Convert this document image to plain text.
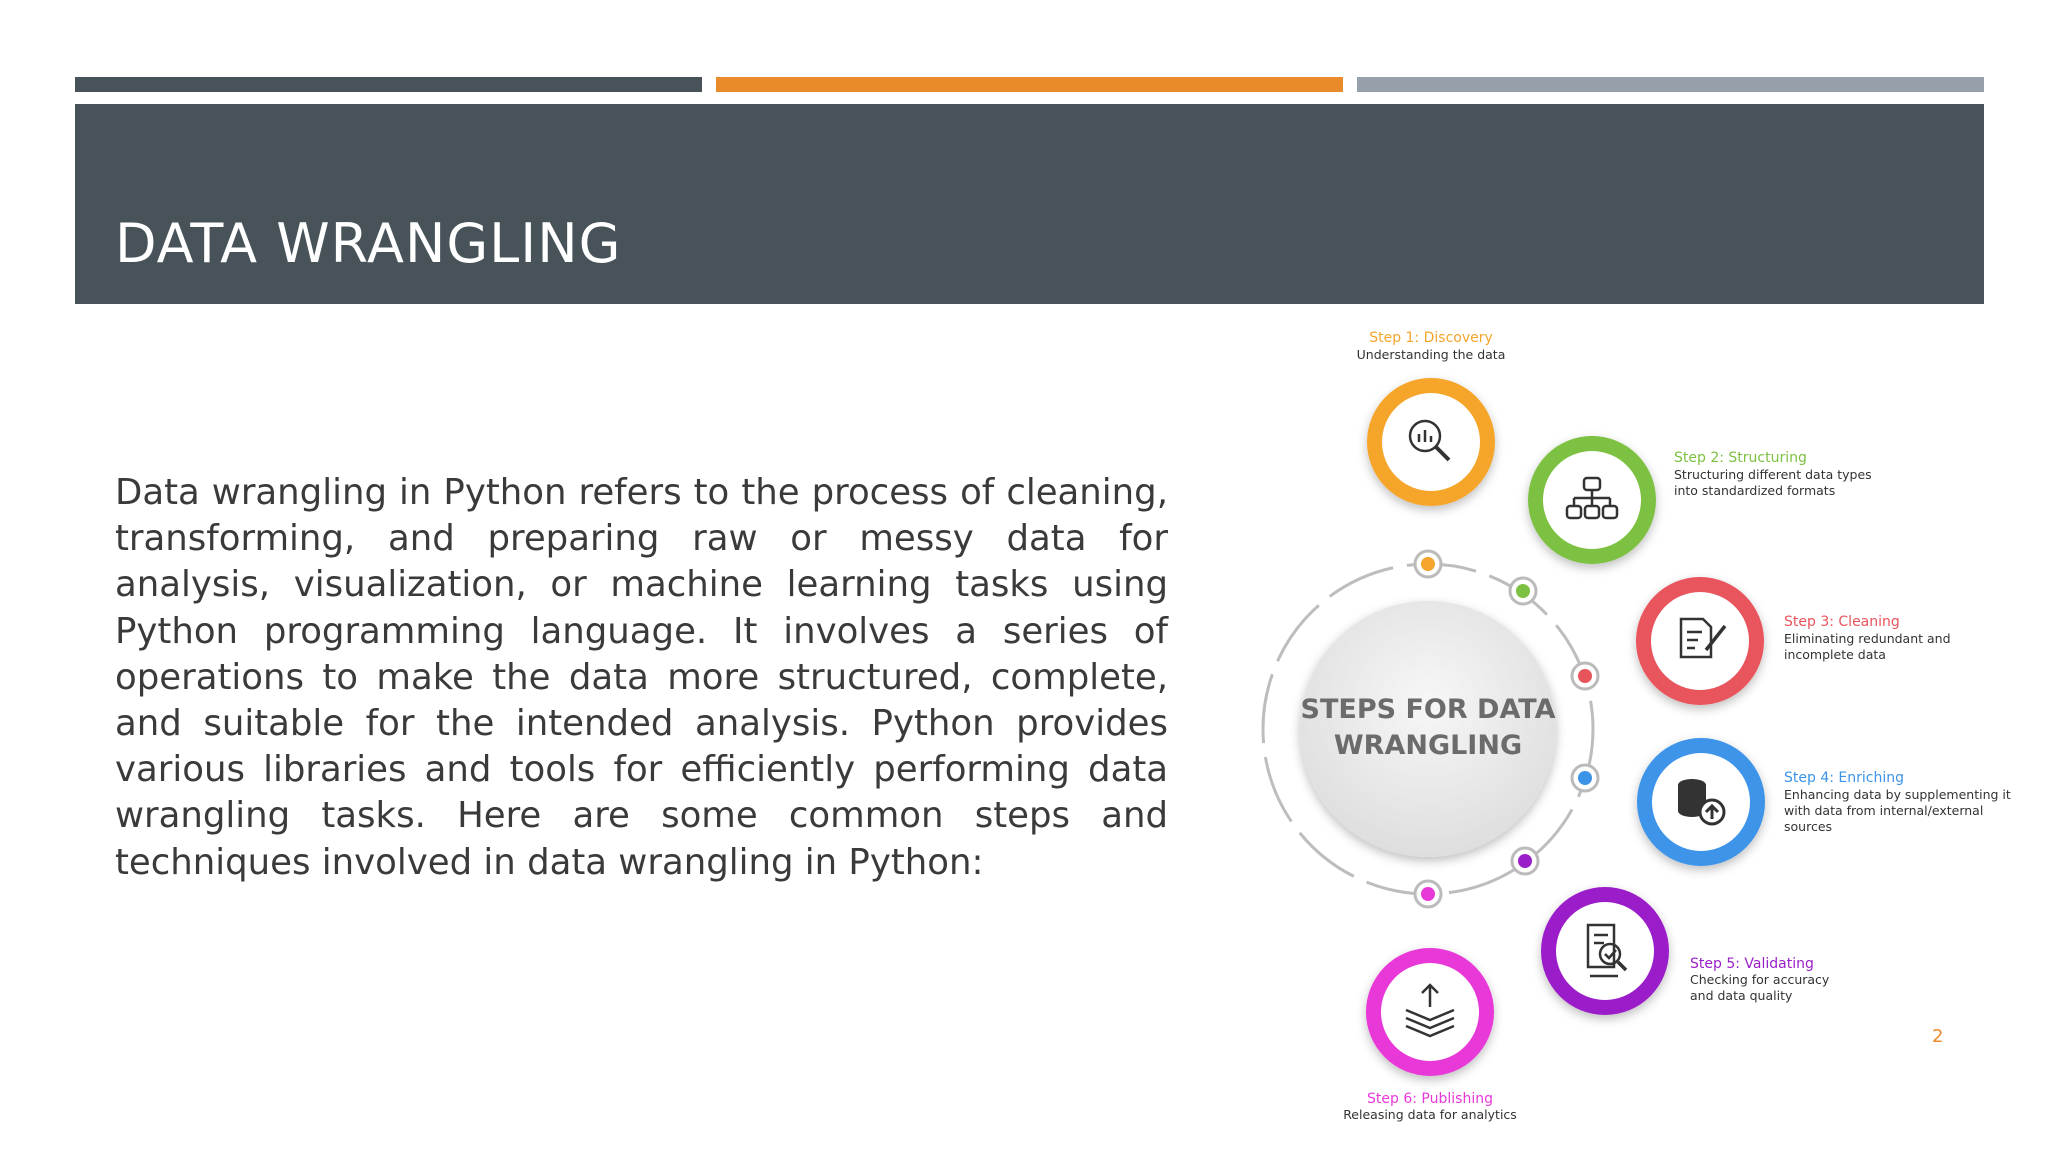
DATA WRANGLING
Data wrangling in Python refers to the process of cleaning, transforming, and preparing raw or messy data for analysis, visualization, or machine learning tasks using Python programming language. It involves a series of operations to make the data more structured, complete, and suitable for the intended analysis. Python provides various libraries and tools for efficiently performing data wrangling tasks. Here are some common steps and techniques involved in data wrangling in Python:
STEPS FOR DATA
WRANGLING
Step 1: Discovery
Understanding the data
Step 2: Structuring
Structuring different data types
into standardized formats
Step 3: Cleaning
Eliminating redundant and
incomplete data
Step 4: Enriching
Enhancing data by supplementing it
with data from internal/external
sources
Step 5: Validating
Checking for accuracy
and data quality
Step 6: Publishing
Releasing data for analytics
2
